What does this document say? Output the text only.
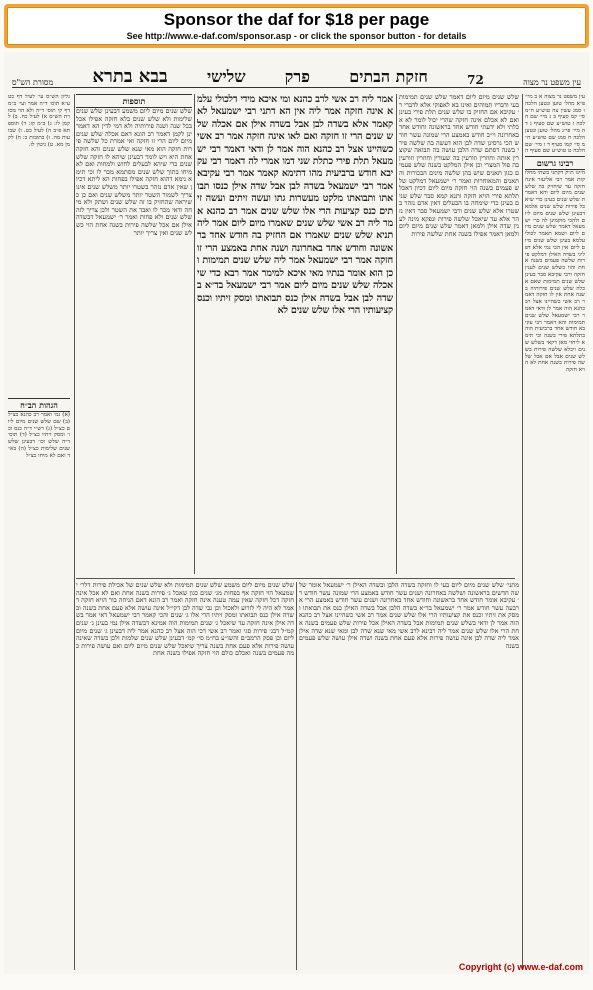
Sponsor the daf for $18 per page
See http://www.e-daf.com/sponsor.asp - or click the sponsor button - for details
מסורת הש"ס בבא בתרא שלישי פרק חזקת הבתים	72	עין משפט נר מצוה
עין משפט נר מצוה א ב מיי׳ פ״א מהל׳ טוען ונטען הלכה ו סמג עשין צה טוש״ע ח״מ סי׳ קמ סעיף ב ג מיי׳ שם הלכה ז טוש״ע שם סעיף ג ד ה מיי׳ פי״ג מהל׳ טוען ונטען הלכה ח סמג שם טוש״ע ח״מ סי׳ קמו סעיף ד ו מיי׳ שם הלכה ט טוש״ע שם סעיף ה
רבינו גרשום
היינו ת״ק דקתני בשתי מחלוקות אמר רבי אליעזר אינה חזקה עד שיחזיק בה שלש שנים מיום ליום והא דאמרת שלש שנים בעינן כדי שיאכל פירות שלש שנים אלמא דבעינן שלש שנים מיום ליום ולהכי מוקמינן לה כר׳ ישמעאל דאמר שלש שנים מיום ליום ושמא תאמר לכולי עלמא בעינן שלש שנים מיום ליום אין הכי נמי אלא דפליגי בשדה האילן דמלקט פירות שלשה פעמים בשנה אחת והוו כשלש שנים לענין חזקה ורבי עקיבא סבר בעינן שלש שנים תמימות שאם אכלה שלש שנים פירותיה בשנה אחת אין לו חזקה דאמר רב אשי כשהיינו אצל רב כהנא הוה אמר לן ודאי דאמר רבי ישמעאל שלש שנים תמימות והא דאמר רבי עקיבא חודש אחד ברביעית הוה בתלתא פירי בשנה וכי תימא ליחזי מאן דקאי בשלש שנים ויכלא שלשה פירות בשלש שנים אבל אם אכל שלשה פירות בשנה אחת לא הויא חזקה
שלש שנים מיום ליום דאמר שלש שנים תמימות בעי ודבריו תמוהים ואינו בא לאפוקי אלא לדברי ר׳ עקיבא אם החזיק בו שלש שנים תלת פירי בעינן ואם לא אכלם אינה חזקה שהרי יכול לומר לא אכלתי ולא ידעתי חודש אחד בראשונה וחודש אחד באחרונה וי״ב חודש באמצע הרי שמונה עשר חודש הכי גרסינן שדה לבן הוא דעשה בה שלשה פירי בשנה דסתם שדה הלבן עושה בה תבואה שקוצרין אותה וחוזרין וזורעין בה שעורין וחוזרין וזורעין בה פול המצרי וכן אילן המלקט בשנה שלש פעמים כגון תאנים שיש בהן שלשה מינים הבכורות והתאנים והמאוחרות ואמר ר׳ ישמעאל דמלקט שלש פעמים בשנה הוי חזקה מיום ליום דכיון דאכל תלתא פירי הויא חזקה ותנא קמא סבר שלש שנים בעינן כדי שימחה בו הבעלים דאין אדם נזהר בשטרו אלא שלש שנים ורבי ישמעאל סבר דאין נזהר אלא עד שיאכל שלשה פירות ונפקא מינה לענין שדה אילן ולמאן דאמר שלש שנים מיום ליום ולמאן דאמר אפילו בשנה אחת שלשה פירות
אמר ליה רב אשי לרב כהנא ומי איכא מידי דלכולי עלמא אינה חזקה אמר ליה אין הא דתני רבי ישמעאל לא קאמר אלא בשדה לבן אבל בשדה אילן אם אכלה שלש שנים הרי זו חזקה ואם לאו אינה חזקה אמר רב אשי כשהיינו אצל רב כהנא הוה אמר לן ודאי דאמר רבי ישמעאל תלת פירי כתלת שני דמו אמרי לה דאמר רבי עקיבא חודש ברביעית מהו דתימא קאמר אמר רבי עקיבא אמר רבי ישמעאל בשדה לבן אבל שדה אילן כנסו תבואתו ותבואתו מלקט מעשרות גתו ועשה זיתים ועשה זיתים כנס קציעות הרי אלו שלש שנים אמר רב כהנא אמר ליה רב אשי שלש שנים שאמרו מיום ליום אמר ליה תניא שלש שנים שאמרו אם החזיק בה חודש אחד בראשונה וחודש אחד באחרונה ושנה אחת באמצע הרי זו חזקה אמר רבי ישמעאל אמר ליה שלש שנים תמימות וכן הוא אומר בנתיו מאי איכא למימר אמר רבא כדי שיאכלה שלש שנים מיום ליום אמר רבי ישמעאל בד״א בשדה לבן אבל בשדה אילן כנס תבואתו ומסק זיתיו וכנס קציעותיו הרי אלו שלש שנים לא
תוספות
שלש שנים מיום ליום משמע דבעינן שלש שנים שלימות ולא שלש שנים בלא חזקה אפילו אכל בכל שנה ושנה פירותיה ולא דמי לדין הא דאמרינן לקמן דאמר רב הונא דאם אכלה שלש שנים מיום ליום הרי זו חזקה ואי אמרת כל שלשה פירות חזקה הוא מאי שנא שלש שנים והא חזקה אחת היא ויש לומר דבעינן שיהא לו חזקה שלש שנים כדי שיהא לבעלים לחוש ולמחות ואם לא מיחו בתוך שלש שנים מסתמא מכר לו וכי תימא נימא דהוא חזקה אפילו בפחות הא ליתא דכיון שאין אדם נזהר בשטרו יותר משלש שנים אינו צריך לשמור השטר יותר משלש שנים ואם כן כשיראה שהחזיק בו זה שלש שנים ושתק ולא מיחה ודאי מכר לו ואבד את השטר ולכן צריך לזה שלש שנים ולא פחות ואמר ר׳ ישמעאל דבשדה אילן אם אכל שלשה פירות בשנה אחת הוי כשלש שנים ואין צריך יותר
גליון הש״ס עי׳ לעיל דף כט ע״א תוס׳ ד״ה אמר ועי׳ ב״מ דף קי תוס׳ ד״ה ולא הוי מסורת הש״ס א) לעיל כח. ב) לקמן לו: ג) ב״מ קז: ד) תוספתא פ״ב ה) לעיל כט. ו) שבועות מה. ז) כתובות כ: ח) לקמן מא. ט) גיטין לז.
הגהות הב״ח
(א) גמ׳ ואמר רב כהנא כצ״ל (ב) שם שלש שנים מיום ליום כצ״ל (ג) רש״י ד״ה כנס וכו׳ ומסק זיתיו כצ״ל (ד) תוס׳ ד״ה שלש וכו׳ דבעינן שלש שנים שלימות כצ״ל (ה) בא״ד ואם לא מיחו כצ״ל
מתני׳ שלש שנים מיום ליום בעי לו וחזקה בשדה הלבן ובשדה האילן ר׳ ישמעאל אומר שלשה חדשים בראשונה ושלשה באחרונה ושנים עשר חודש באמצע הרי שמונה עשר חודש ר׳ עקיבא אומר חודש אחד בראשונה וחודש אחד באחרונה ושנים עשר חודש באמצע הרי ארבעה עשר חודש אמר ר׳ ישמעאל בד״א בשדה הלבן אבל בשדה האילן כנס את תבואתו ומסק את זיתיו וכנס את קציעותיו הרי אלו שלש שנים אמר רב אשי כשהיינו אצל רב כהנא הוה אמר לן ודאי בשלש שנים תמימות אבל בשדה האילן אכל פירות שלש פעמים בשנה אחת הרי אלו שלש שנים אמר ליה רבינא לרב אשי מאי שנא שדה לבן ומאי שנא שדה אילן אמר ליה שדה לבן אינה עושה פירות אלא פעם אחת בשנה ושדה אילן עושה שלש פעמים בשנה
שלש שנים מיום ליום משמע שלש שנים תמימות ולא שלש שנים של אכילת פירות דלר׳ ישמעאל הוי חזקה אף בפחות מג׳ שנים כגון שאכל ג׳ פירות בשנה אחת ואם לא אכל אינה חזקה דכל חזקה שאין עמה טענה אינה חזקה ואמר רב הונא דאם הניחה בור הויא חזקה דאמר לא היה לי לזרוע ולאכול וכן גבי שדה לבן דקי״ל אינה עושה אלא פעם אחת בשנה ובשדה אילן כנס תבואתו ומסק זיתיו הרי אלו ג׳ שנים והכי קאמר רבי ישמעאל דאי אמר בשדה אילן אינה חזקה עד שיאכל ג׳ שנים תמימות הוה אמינא דבשדה אילן נמי בעינן ג׳ שנים קמ״ל דבג׳ פירות סגי ואמר רב אשי דכי הוה אצל רב כהנא אמר ליה דבעינן ג׳ שנים מיום ליום וכן פסק הרמב״ם והשו״ע בח״מ סי׳ קמ׳ דבעינן שלש שנים שלמות ולכן בשדה שאינה עושה פירות אלא פעם אחת בשנה צריך שיאכל שלש שנים מיום ליום ואם עושה פירות כמה פעמים בשנה ואכלם כולם הוי חזקה אפילו בשנה אחת
Copyright (c) www.e-daf.com
